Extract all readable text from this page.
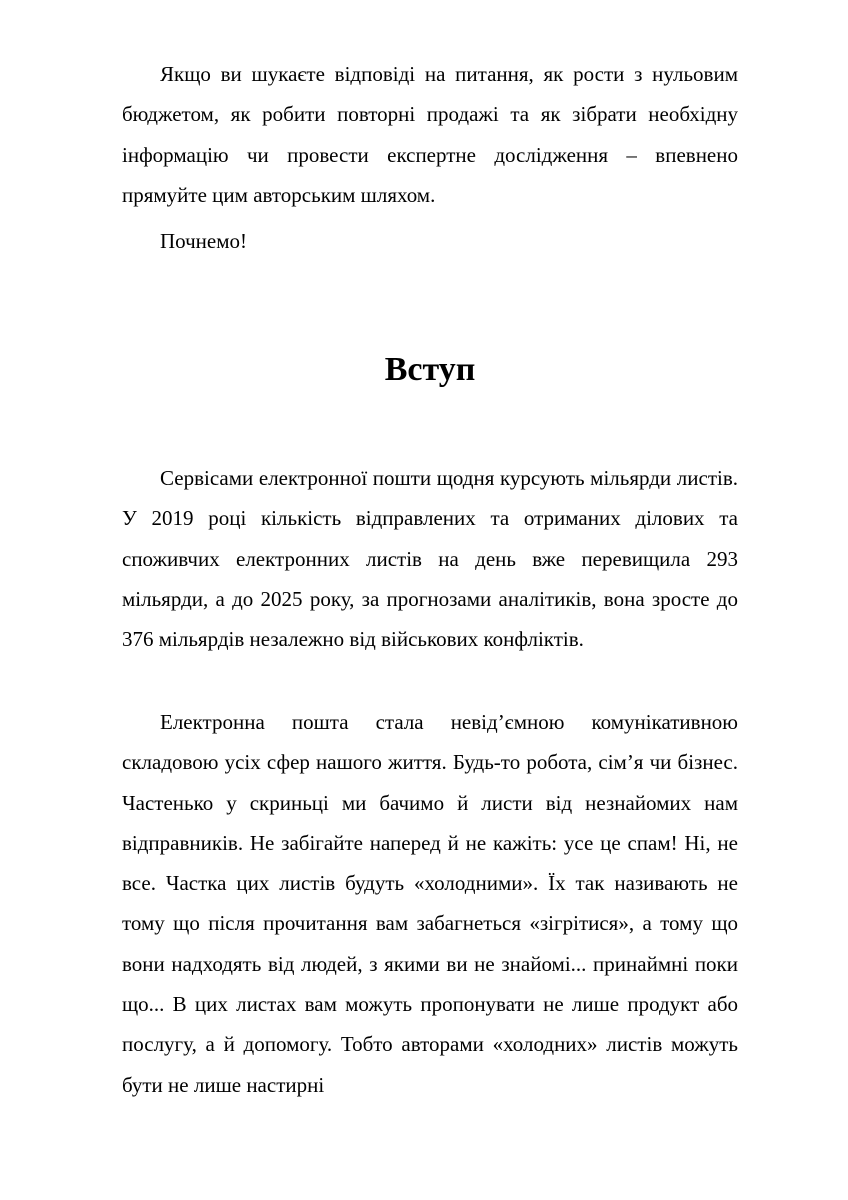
Якщо ви шукаєте відповіді на питання, як рости з нульовим бюджетом, як робити повторні продажі та як зібрати необхідну інформацію чи провести експертне дослідження – впевнено прямуйте цим авторським шляхом.

Почнемо!

Вступ

Сервісами електронної пошти щодня курсують мільярди листів. У 2019 році кількість відправлених та отриманих ділових та споживчих електронних листів на день вже перевищила 293 мільярди, а до 2025 року, за прогнозами аналітиків, вона зросте до 376 мільярдів незалежно від військових конфліктів.

Електронна пошта стала невід’ємною комунікативною складовою усіх сфер нашого життя. Будь-то робота, сім’я чи бізнес. Частенько у скриньці ми бачимо й листи від незнайомих нам відправників. Не забігайте наперед й не кажіть: усе це спам! Ні, не все. Частка цих листів будуть «холодними». Їх так називають не тому що після прочитання вам забагнеться «зігрітися», а тому що вони надходять від людей, з якими ви не знайомі... принаймні поки що... В цих листах вам можуть пропонувати не лише продукт або послугу, а й допомогу. Тобто авторами «холодних» листів можуть бути не лише настирні
